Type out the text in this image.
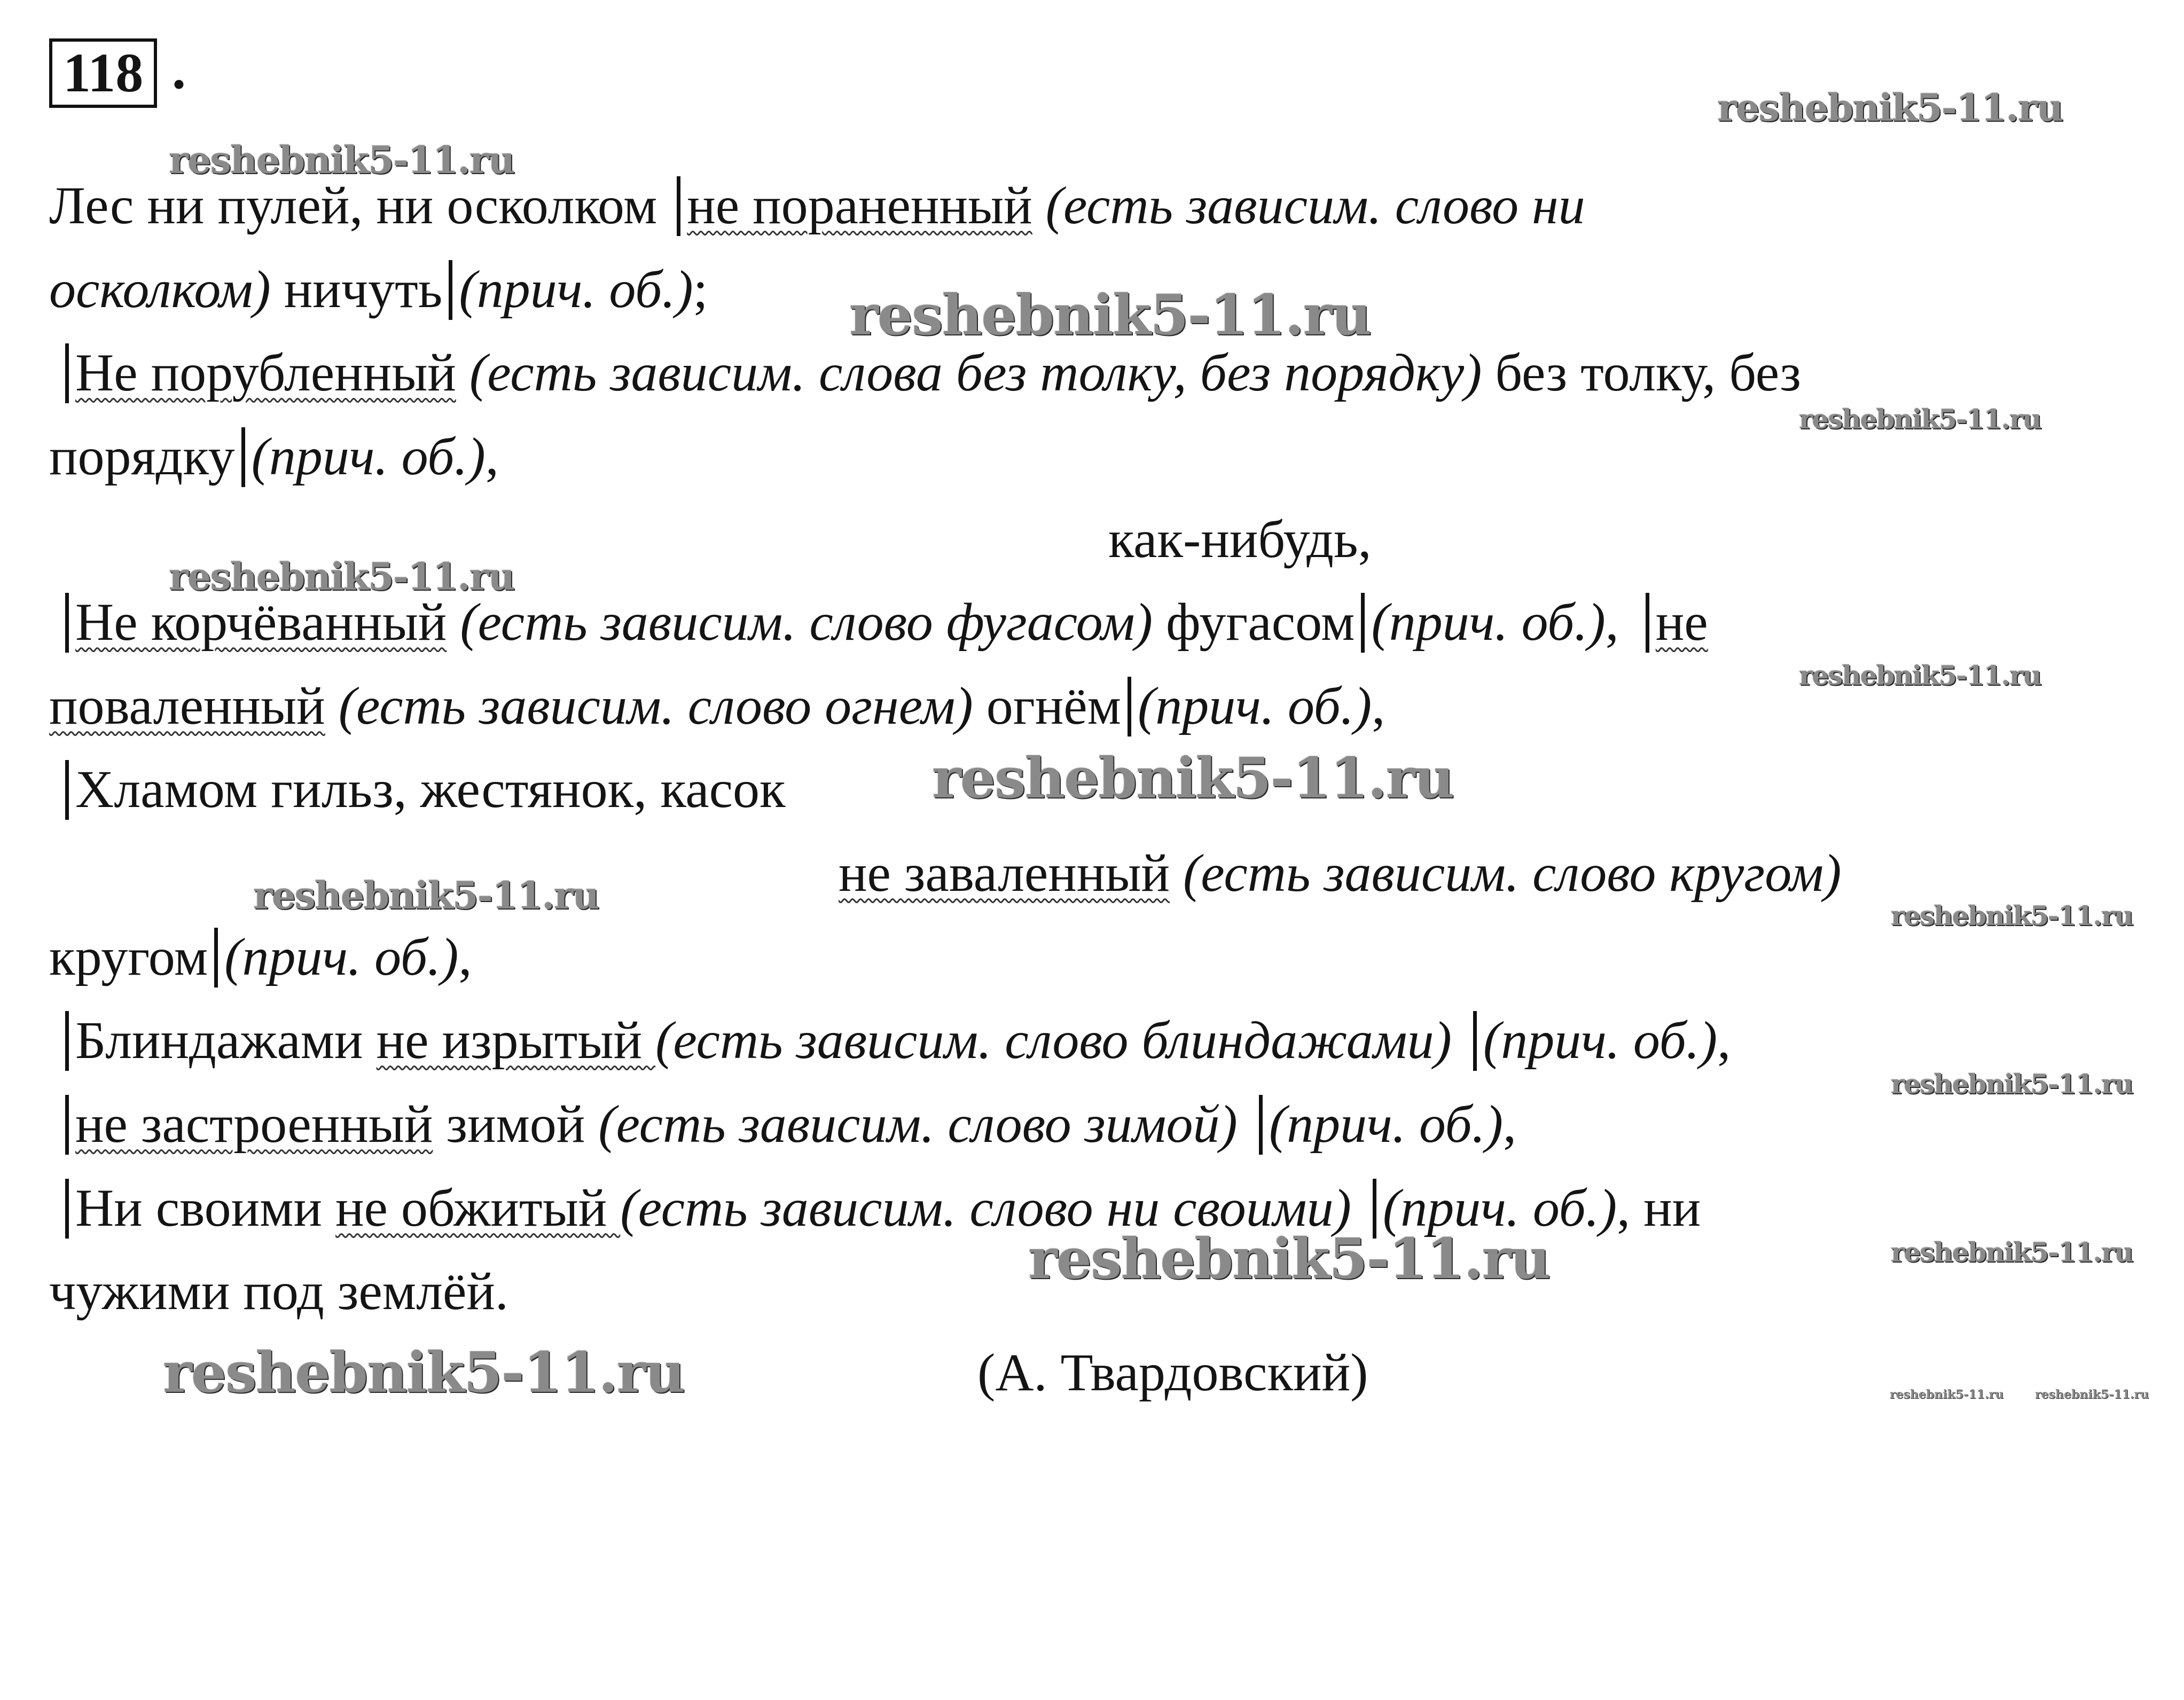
118 .
Лес ни пулей, ни осколком не пораненный (есть зависим. слово ни
осколком) ничуть (прич. об.);
Не порубленный (есть зависим. слова без толку, без порядку) без толку, без
порядку (прич. об.),
как-нибудь,
Не корчёванный (есть зависим. слово фугасом) фугасом (прич. об.), не
поваленный (есть зависим. слово огнем) огнём (прич. об.),
Хламом гильз, жестянок, касок
не заваленный (есть зависим. слово кругом)
кругом (прич. об.),
Блиндажами не изрытый (есть зависим. слово блиндажами) (прич. об.),
не застроенный зимой (есть зависим. слово зимой) (прич. об.),
Ни своими не обжитый (есть зависим. слово ни своими) (прич. об.), ни
чужими под землёй.
(А. Твардовский)
reshebnik5-11.ru
reshebnik5-11.ru
reshebnik5-11.ru
reshebnik5-11.ru
reshebnik5-11.ru
reshebnik5-11.ru
reshebnik5-11.ru
reshebnik5-11.ru	reshebnik5-11.ru
reshebnik5-11.ru
reshebnik5-11.ru	reshebnik5-11.ru
reshebnik5-11.ru	reshebnik5-11.ru	reshebnik5-11.ru
